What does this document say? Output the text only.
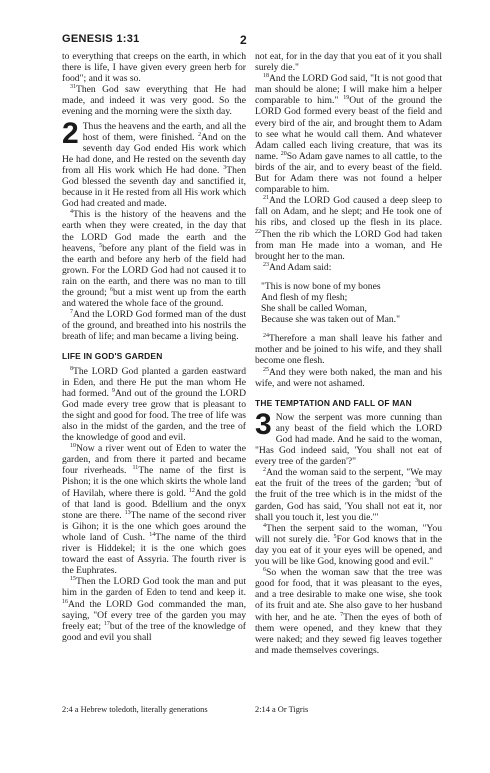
GENESIS 1:31	2

to everything that creeps on the earth, in which there is life, I have given every green herb for food"; and it was so.

$^{31}$Then God saw everything that He had made, and indeed it was very good. So the evening and the morning were the sixth day.

2 Thus the heavens and the earth, and all the host of them, were finished. $^2$And on the seventh day God ended His work which He had done, and He rested on the seventh day from all His work which He had done. $^3$Then God blessed the seventh day and sanctified it, because in it He rested from all His work which God had created and made.

$^4$This is the history of the heavens and the earth when they were created, in the day that the LORD God made the earth and the heavens, $^5$before any plant of the field was in the earth and before any herb of the field had grown. For the LORD God had not caused it to rain on the earth, and there was no man to till the ground; $^6$but a mist went up from the earth and watered the whole face of the ground.

$^7$And the LORD God formed man of the dust of the ground, and breathed into his nostrils the breath of life; and man became a living being.

LIFE IN GOD'S GARDEN

$^8$The LORD God planted a garden eastward in Eden, and there He put the man whom He had formed. $^9$And out of the ground the LORD God made every tree grow that is pleasant to the sight and good for food. The tree of life was also in the midst of the garden, and the tree of the knowledge of good and evil.

$^{10}$Now a river went out of Eden to water the garden, and from there it parted and became four riverheads. $^{11}$The name of the first is Pishon; it is the one which skirts the whole land of Havilah, where there is gold. $^{12}$And the gold of that land is good. Bdellium and the onyx stone are there. $^{13}$The name of the second river is Gihon; it is the one which goes around the whole land of Cush. $^{14}$The name of the third river is Hiddekel; it is the one which goes toward the east of Assyria. The fourth river is the Euphrates.

$^{15}$Then the LORD God took the man and put him in the garden of Eden to tend and keep it. $^{16}$And the LORD God commanded the man, saying, "Of every tree of the garden you may freely eat; $^{17}$but of the tree of the knowledge of good and evil you shall

not eat, for in the day that you eat of it you shall surely die."

$^{18}$And the LORD God said, "It is not good that man should be alone; I will make him a helper comparable to him." $^{19}$Out of the ground the LORD God formed every beast of the field and every bird of the air, and brought them to Adam to see what he would call them. And whatever Adam called each living creature, that was its name. $^{20}$So Adam gave names to all cattle, to the birds of the air, and to every beast of the field. But for Adam there was not found a helper comparable to him.

$^{21}$And the LORD God caused a deep sleep to fall on Adam, and he slept; and He took one of his ribs, and closed up the flesh in its place. $^{22}$Then the rib which the LORD God had taken from man He made into a woman, and He brought her to the man.

$^{23}$And Adam said:

"This is now bone of my bones
And flesh of my flesh;
She shall be called Woman,
Because she was taken out of Man."

$^{24}$Therefore a man shall leave his father and mother and be joined to his wife, and they shall become one flesh.

$^{25}$And they were both naked, the man and his wife, and were not ashamed.

THE TEMPTATION AND FALL OF MAN

3 Now the serpent was more cunning than any beast of the field which the LORD God had made. And he said to the woman, "Has God indeed said, 'You shall not eat of every tree of the garden'?"

$^2$And the woman said to the serpent, "We may eat the fruit of the trees of the garden; $^3$but of the fruit of the tree which is in the midst of the garden, God has said, 'You shall not eat it, nor shall you touch it, lest you die.'"

$^4$Then the serpent said to the woman, "You will not surely die. $^5$For God knows that in the day you eat of it your eyes will be opened, and you will be like God, knowing good and evil."

$^6$So when the woman saw that the tree was good for food, that it was pleasant to the eyes, and a tree desirable to make one wise, she took of its fruit and ate. She also gave to her husband with her, and he ate. $^7$Then the eyes of both of them were opened, and they knew that they were naked; and they sewed fig leaves together and made themselves coverings.

2:4 a Hebrew toledoth, literally generations	2:14 a Or Tigris
